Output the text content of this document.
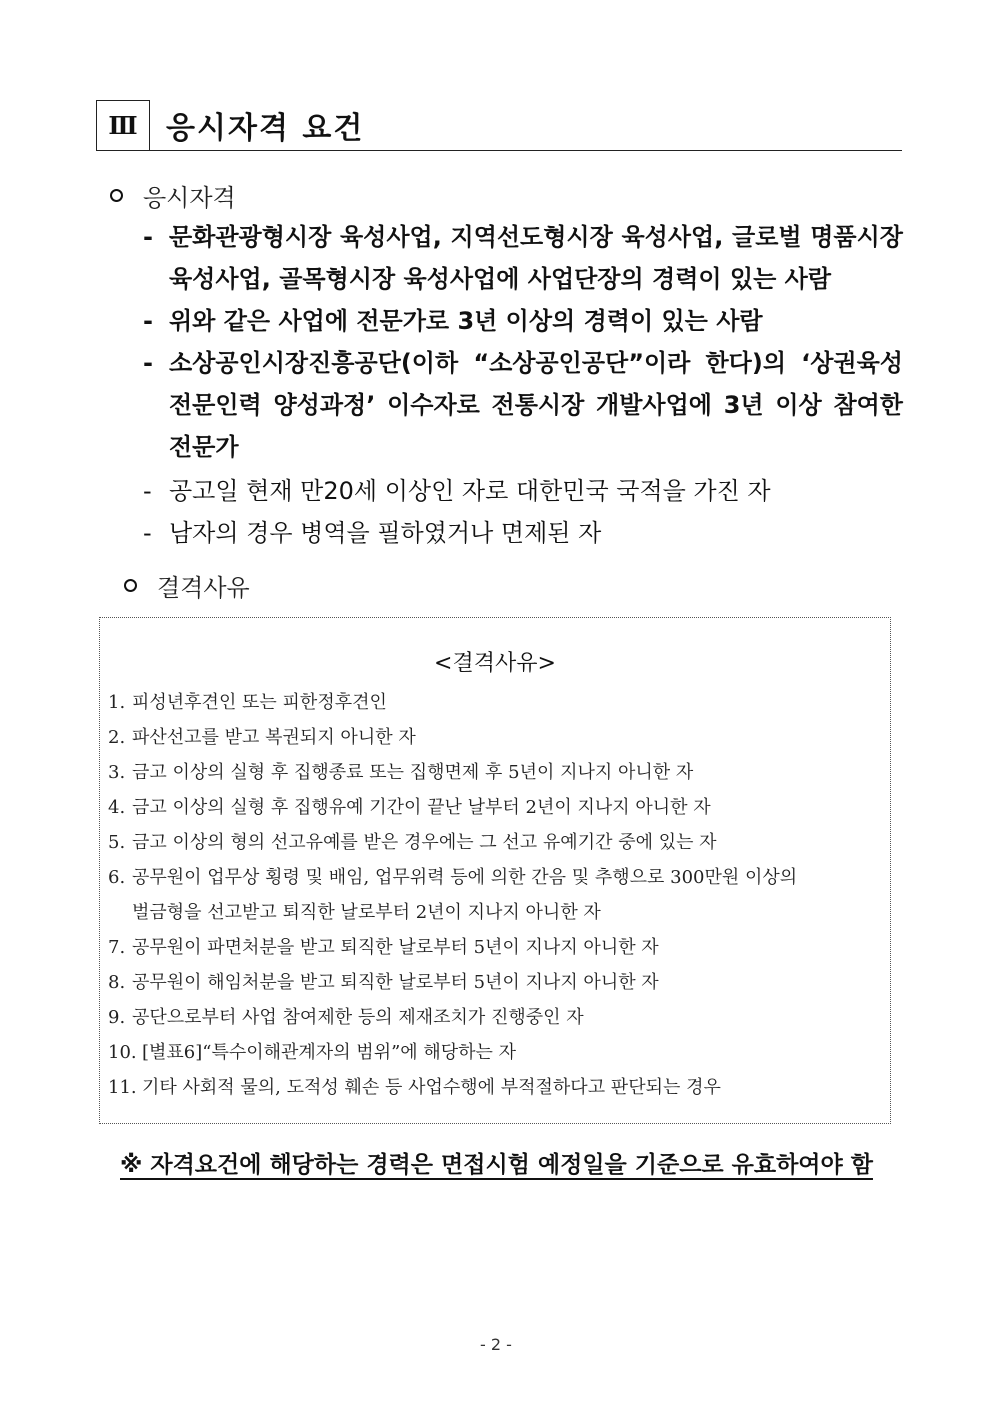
Ⅲ 응시자격 요건
응시자격
- 문화관광형시장 육성사업, 지역선도형시장 육성사업, 글로벌 명품시장 육성사업, 골목형시장 육성사업에 사업단장의 경력이 있는 사람
- 위와 같은 사업에 전문가로 3년 이상의 경력이 있는 사람
- 소상공인시장진흥공단(이하 “소상공인공단”이라 한다)의 ‘상권육성 전문인력 양성과정’ 이수자로 전통시장 개발사업에 3년 이상 참여한 전문가
- 공고일 현재 만20세 이상인 자로 대한민국 국적을 가진 자
- 남자의 경우 병역을 필하였거나 면제된 자
결격사유
<결격사유>
1. 피성년후견인 또는 피한정후견인
2. 파산선고를 받고 복권되지 아니한 자
3. 금고 이상의 실형 후 집행종료 또는 집행면제 후 5년이 지나지 아니한 자
4. 금고 이상의 실형 후 집행유예 기간이 끝난 날부터 2년이 지나지 아니한 자
5. 금고 이상의 형의 선고유예를 받은 경우에는 그 선고 유예기간 중에 있는 자
6. 공무원이 업무상 횡령 및 배임, 업무위력 등에 의한 간음 및 추행으로 300만원 이상의
벌금형을 선고받고 퇴직한 날로부터 2년이 지나지 아니한 자
7. 공무원이 파면처분을 받고 퇴직한 날로부터 5년이 지나지 아니한 자
8. 공무원이 해임처분을 받고 퇴직한 날로부터 5년이 지나지 아니한 자
9. 공단으로부터 사업 참여제한 등의 제재조치가 진행중인 자
10. [별표6]“특수이해관계자의 범위”에 해당하는 자
11. 기타 사회적 물의, 도적성 훼손 등 사업수행에 부적절하다고 판단되는 경우
※ 자격요건에 해당하는 경력은 면접시험 예정일을 기준으로 유효하여야 함
- 2 -
